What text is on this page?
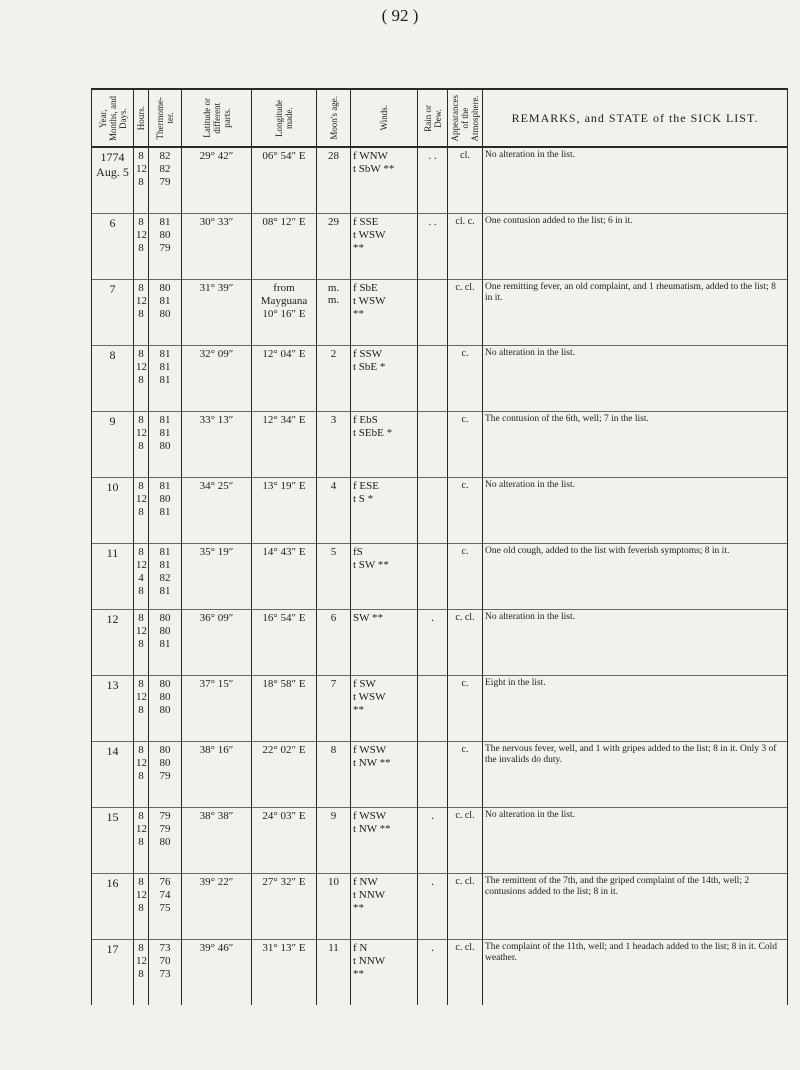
( 92 )
Year,
Months, and
Days.	Hours.	Thermome-
ter.	Latitude or
different
parts.	Longitude
made.	Moon's age.	Winds.	Rain or
Dew.	Appearances
of the
Atmosphere.	REMARKS, and STATE of the SICK LIST.

1774
Aug. 5	8
12
8	82
82
79	29° 42″	06° 54″ E	28	f WNW
t SbW **	. .	cl.	No alteration in the list.
6	8
12
8	81
80
79	30° 33″	08° 12″ E	29	f SSE
t WSW
**	. .	cl. c.	One contusion added to the list; 6 in it.
7	8
12
8	80
81
80	31° 39″	from
Mayguana
10° 16″ E	m.
m.	f SbE
t WSW
**		c. cl.	One remitting fever, an old complaint, and 1 rheumatism, added to the list; 8 in it.
8	8
12
8	81
81
81	32° 09″	12° 04″ E	2	f SSW
t SbE *		c.	No alteration in the list.
9	8
12
8	81
81
80	33° 13″	12° 34″ E	3	f EbS
t SEbE *		c.	The contusion of the 6th, well; 7 in the list.
10	8
12
8	81
80
81	34° 25″	13° 19″ E	4	f ESE
t S *		c.	No alteration in the list.
11	8
12
4
8	81
81
82
81	35° 19″	14° 43″ E	5	fS
t SW **		c.	One old cough, added to the list with feverish symptoms; 8 in it.
12	8
12
8	80
80
81	36° 09″	16° 54″ E	6	SW **	.	c. cl.	No alteration in the list.
13	8
12
8	80
80
80	37° 15″	18° 58″ E	7	f SW
t WSW
**		c.	Eight in the list.
14	8
12
8	80
80
79	38° 16″	22° 02″ E	8	f WSW
t NW **		c.	The nervous fever, well, and 1 with gripes added to the list; 8 in it. Only 3 of the invalids do duty.
15	8
12
8	79
79
80	38° 38″	24° 03″ E	9	f WSW
t NW **	.	c. cl.	No alteration in the list.
16	8
12
8	76
74
75	39° 22″	27° 32″ E	10	f NW
t NNW
**	.	c. cl.	The remittent of the 7th, and the griped complaint of the 14th, well; 2 contusions added to the list; 8 in it.
17	8
12
8	73
70
73	39° 46″	31° 13″ E	11	f N
t NNW
**	.	c. cl.	The complaint of the 11th, well; and 1 headach added to the list; 8 in it. Cold weather.
